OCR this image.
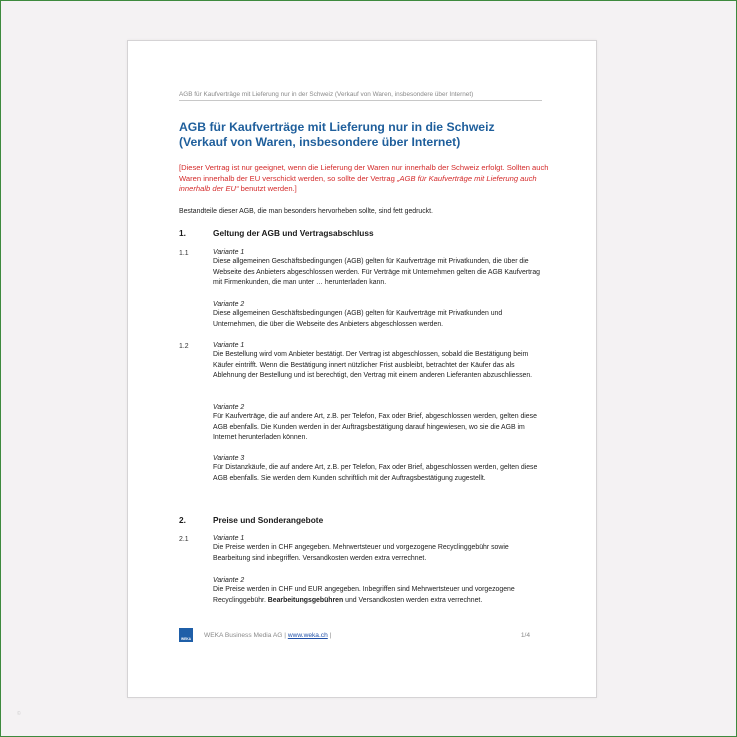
AGB für Kaufverträge mit Lieferung nur in der Schweiz (Verkauf von Waren, insbesondere über Internet)
AGB für Kaufverträge mit Lieferung nur in die Schweiz
(Verkauf von Waren, insbesondere über Internet)

[Dieser Vertrag ist nur geeignet, wenn die Lieferung der Waren nur innerhalb der Schweiz erfolgt. Sollten auch Waren innerhalb der EU verschickt werden, so sollte der Vertrag „AGB für Kaufverträge mit Lieferung auch innerhalb der EU“ benutzt werden.]

Bestandteile dieser AGB, die man besonders hervorheben sollte, sind fett gedruckt.

1.	Geltung der AGB und Vertragsabschluss
1.1	Variante 1

Diese allgemeinen Geschäftsbedingungen (AGB) gelten für Kaufverträge mit Privatkunden, die über die Webseite des Anbieters abgeschlossen werden. Für Verträge mit Unternehmen gelten die AGB Kaufvertrag mit Firmenkunden, die man unter … herunterladen kann.

Variante 2

Diese allgemeinen Geschäftsbedingungen (AGB) gelten für Kaufverträge mit Privatkunden und Unternehmen, die über die Webseite des Anbieters abgeschlossen werden.

1.2	Variante 1

Die Bestellung wird vom Anbieter bestätigt. Der Vertrag ist abgeschlossen, sobald die Bestätigung beim Käufer eintrifft. Wenn die Bestätigung innert nützlicher Frist ausbleibt, betrachtet der Käufer das als Ablehnung der Bestellung und ist berechtigt, den Vertrag mit einem anderen Lieferanten abzuschliessen.

Variante 2

Für Kaufverträge, die auf andere Art, z.B. per Telefon, Fax oder Brief, abgeschlossen werden, gelten diese AGB ebenfalls. Die Kunden werden in der Auftragsbestätigung darauf hingewiesen, wo sie die AGB im Internet herunterladen können.

Variante 3

Für Distanzkäufe, die auf andere Art, z.B. per Telefon, Fax oder Brief, abgeschlossen werden, gelten diese AGB ebenfalls. Sie werden dem Kunden schriftlich mit der Auftragsbestätigung zugestellt.

2.	Preise und Sonderangebote
2.1	Variante 1

Die Preise werden in CHF angegeben. Mehrwertsteuer und vorgezogene Recyclinggebühr sowie Bearbeitung sind inbegriffen. Versandkosten werden extra verrechnet.

Variante 2

Die Preise werden in CHF und EUR angegeben. Inbegriffen sind Mehrwertsteuer und vorgezogene Recyclinggebühr. Bearbeitungsgebühren und Versandkosten werden extra verrechnet.

WEKA WEKA Business Media AG | www.weka.ch |	1/4
©
